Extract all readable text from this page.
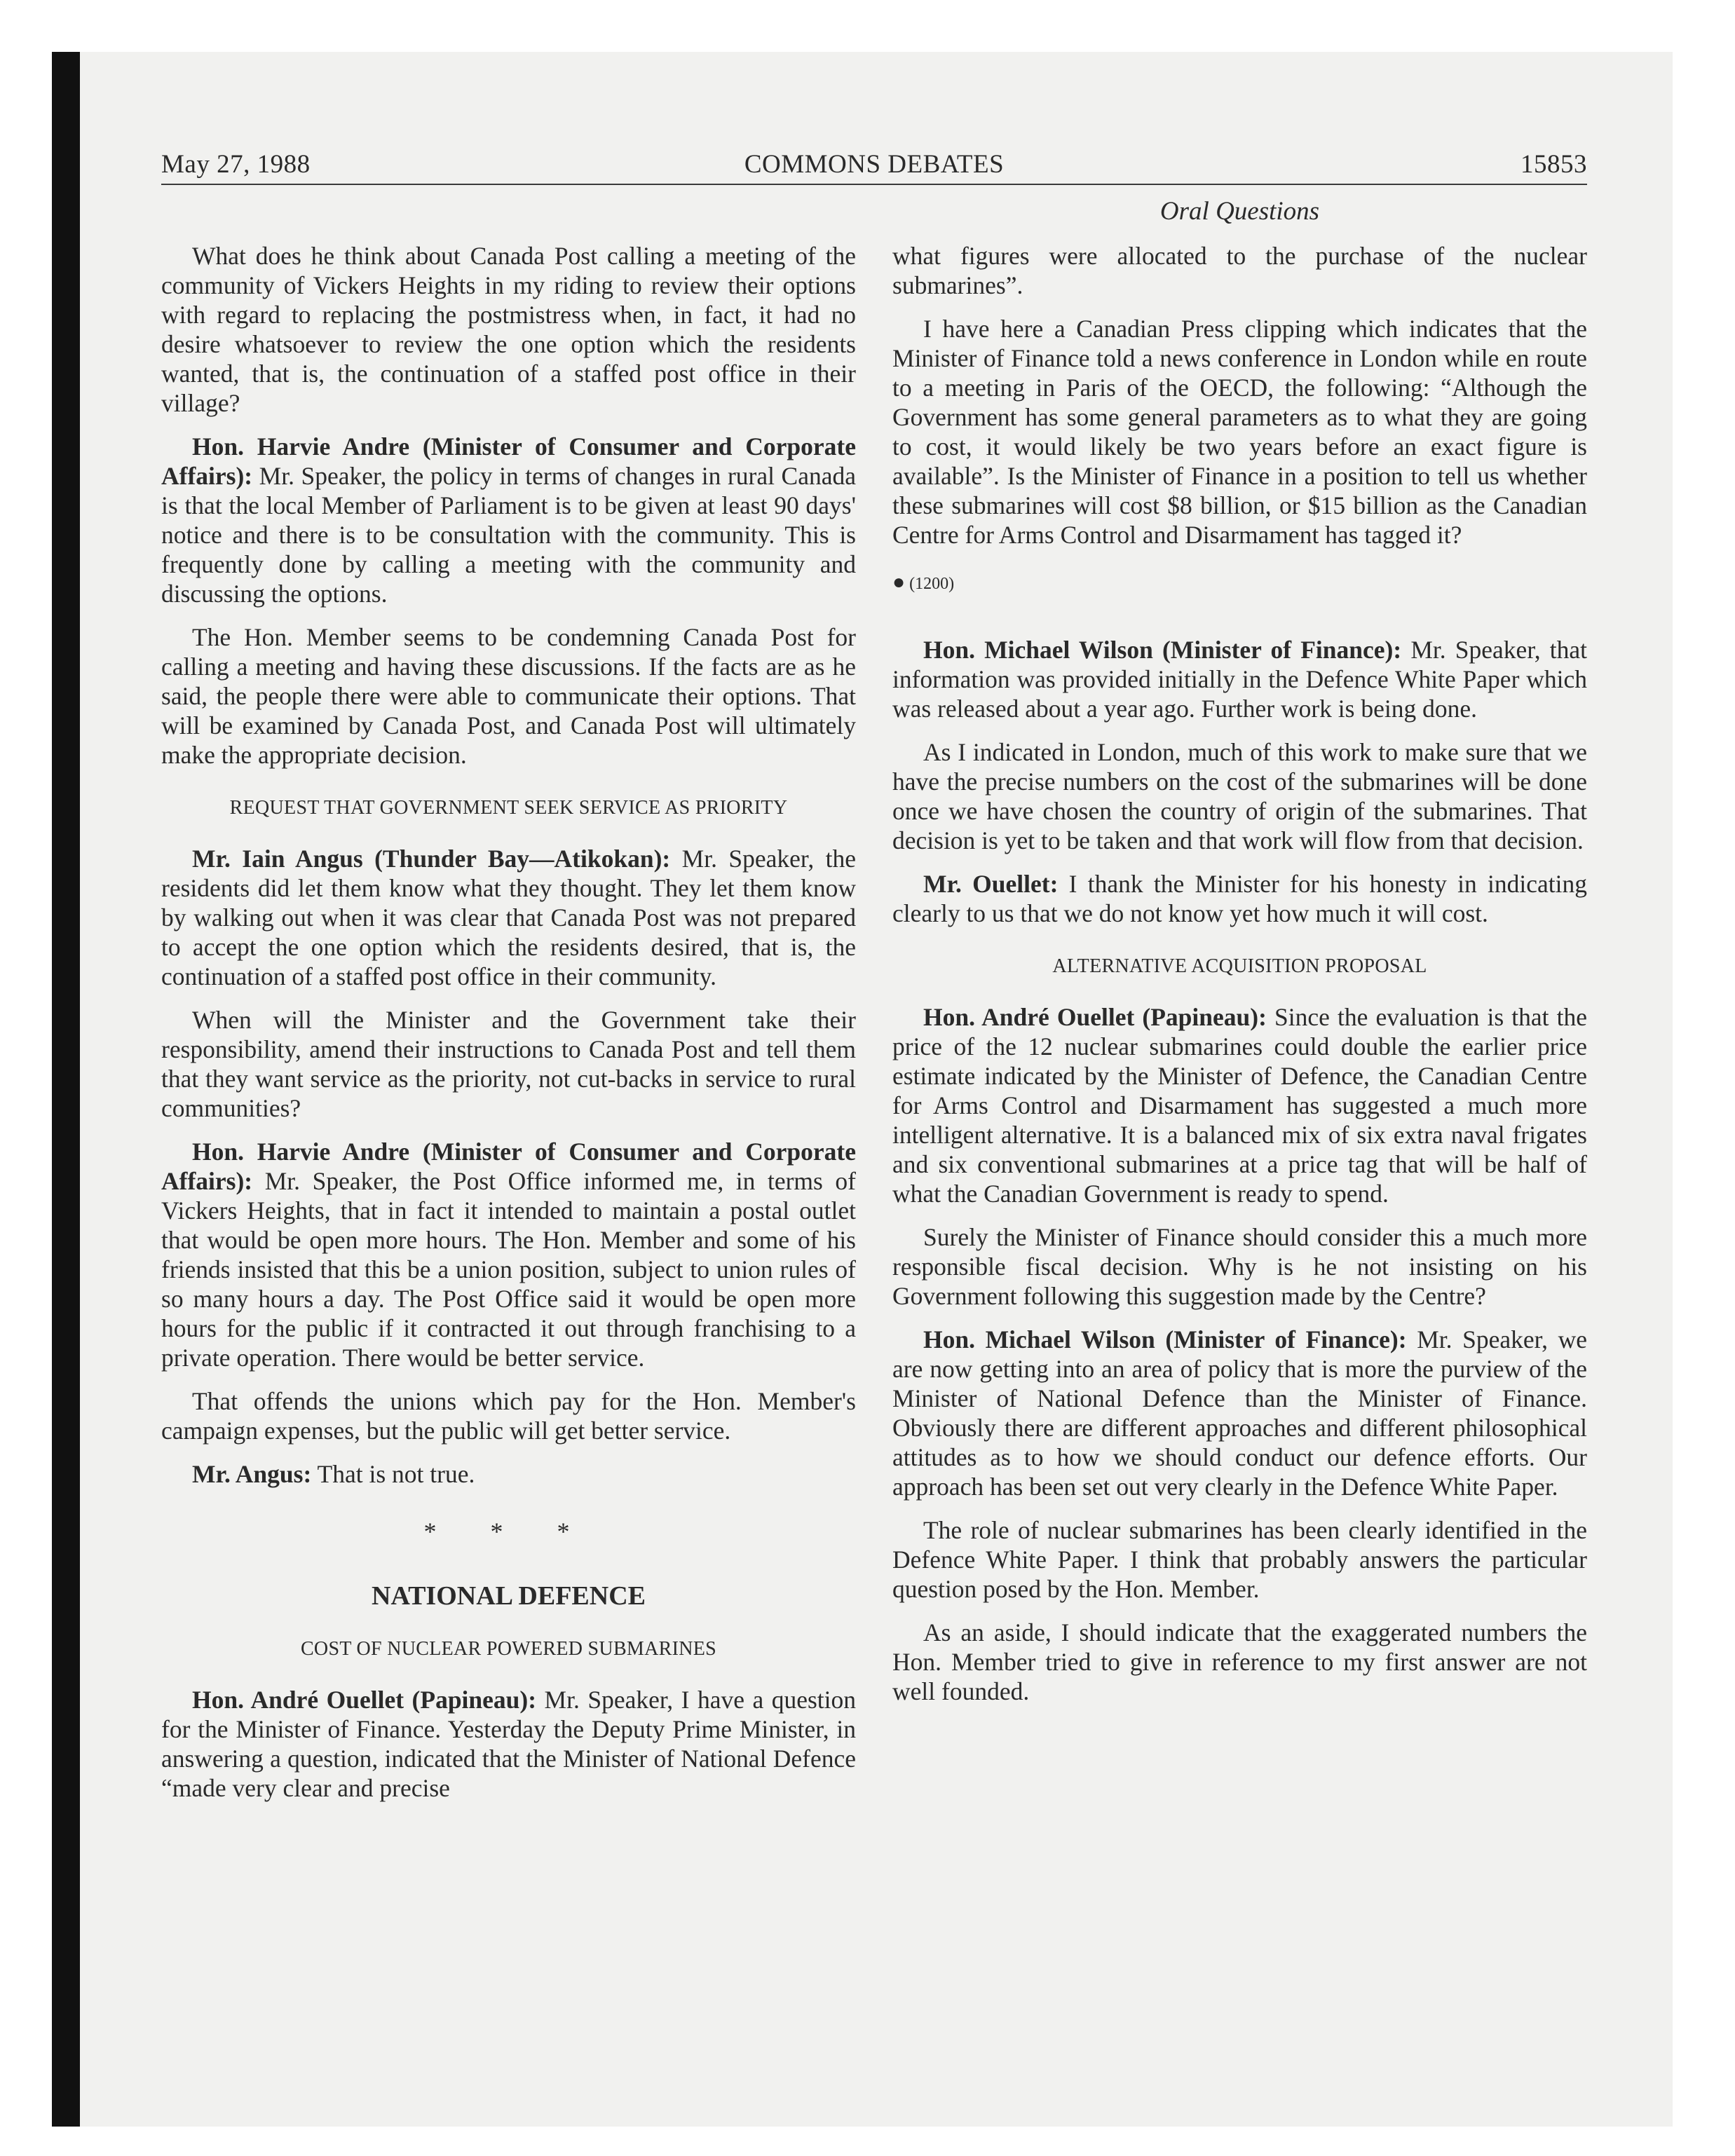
May 27, 1988	COMMONS DEBATES	15853
Oral Questions

What does he think about Canada Post calling a meeting of the community of Vickers Heights in my riding to review their options with regard to replacing the postmistress when, in fact, it had no desire whatsoever to review the one option which the residents wanted, that is, the continuation of a staffed post office in their village?

Hon. Harvie Andre (Minister of Consumer and Corporate Affairs): Mr. Speaker, the policy in terms of changes in rural Canada is that the local Member of Parliament is to be given at least 90 days' notice and there is to be consultation with the community. This is frequently done by calling a meeting with the community and discussing the options.

The Hon. Member seems to be condemning Canada Post for calling a meeting and having these discussions. If the facts are as he said, the people there were able to communicate their options. That will be examined by Canada Post, and Canada Post will ultimately make the appropriate decision.

REQUEST THAT GOVERNMENT SEEK SERVICE AS PRIORITY

Mr. Iain Angus (Thunder Bay—Atikokan): Mr. Speaker, the residents did let them know what they thought. They let them know by walking out when it was clear that Canada Post was not prepared to accept the one option which the residents desired, that is, the continuation of a staffed post office in their community.

When will the Minister and the Government take their responsibility, amend their instructions to Canada Post and tell them that they want service as the priority, not cut-backs in service to rural communities?

Hon. Harvie Andre (Minister of Consumer and Corporate Affairs): Mr. Speaker, the Post Office informed me, in terms of Vickers Heights, that in fact it intended to maintain a postal outlet that would be open more hours. The Hon. Member and some of his friends insisted that this be a union position, subject to union rules of so many hours a day. The Post Office said it would be open more hours for the public if it contracted it out through franchising to a private operation. There would be better service.

That offends the unions which pay for the Hon. Member's campaign expenses, but the public will get better service.

Mr. Angus: That is not true.

* * *
NATIONAL DEFENCE
COST OF NUCLEAR POWERED SUBMARINES

Hon. André Ouellet (Papineau): Mr. Speaker, I have a question for the Minister of Finance. Yesterday the Deputy Prime Minister, in answering a question, indicated that the Minister of National Defence “made very clear and precise

what figures were allocated to the purchase of the nuclear submarines”.

I have here a Canadian Press clipping which indicates that the Minister of Finance told a news conference in London while en route to a meeting in Paris of the OECD, the following: “Although the Government has some general parameters as to what they are going to cost, it would likely be two years before an exact figure is available”. Is the Minister of Finance in a position to tell us whether these submarines will cost $8 billion, or $15 billion as the Canadian Centre for Arms Control and Disarmament has tagged it?

● (1200)

Hon. Michael Wilson (Minister of Finance): Mr. Speaker, that information was provided initially in the Defence White Paper which was released about a year ago. Further work is being done.

As I indicated in London, much of this work to make sure that we have the precise numbers on the cost of the submarines will be done once we have chosen the country of origin of the submarines. That decision is yet to be taken and that work will flow from that decision.

Mr. Ouellet: I thank the Minister for his honesty in indicating clearly to us that we do not know yet how much it will cost.

ALTERNATIVE ACQUISITION PROPOSAL

Hon. André Ouellet (Papineau): Since the evaluation is that the price of the 12 nuclear submarines could double the earlier price estimate indicated by the Minister of Defence, the Canadian Centre for Arms Control and Disarmament has suggested a much more intelligent alternative. It is a balanced mix of six extra naval frigates and six conventional submarines at a price tag that will be half of what the Canadian Government is ready to spend.

Surely the Minister of Finance should consider this a much more responsible fiscal decision. Why is he not insisting on his Government following this suggestion made by the Centre?

Hon. Michael Wilson (Minister of Finance): Mr. Speaker, we are now getting into an area of policy that is more the purview of the Minister of National Defence than the Minister of Finance. Obviously there are different approaches and different philosophical attitudes as to how we should conduct our defence efforts. Our approach has been set out very clearly in the Defence White Paper.

The role of nuclear submarines has been clearly identified in the Defence White Paper. I think that probably answers the particular question posed by the Hon. Member.

As an aside, I should indicate that the exaggerated numbers the Hon. Member tried to give in reference to my first answer are not well founded.
